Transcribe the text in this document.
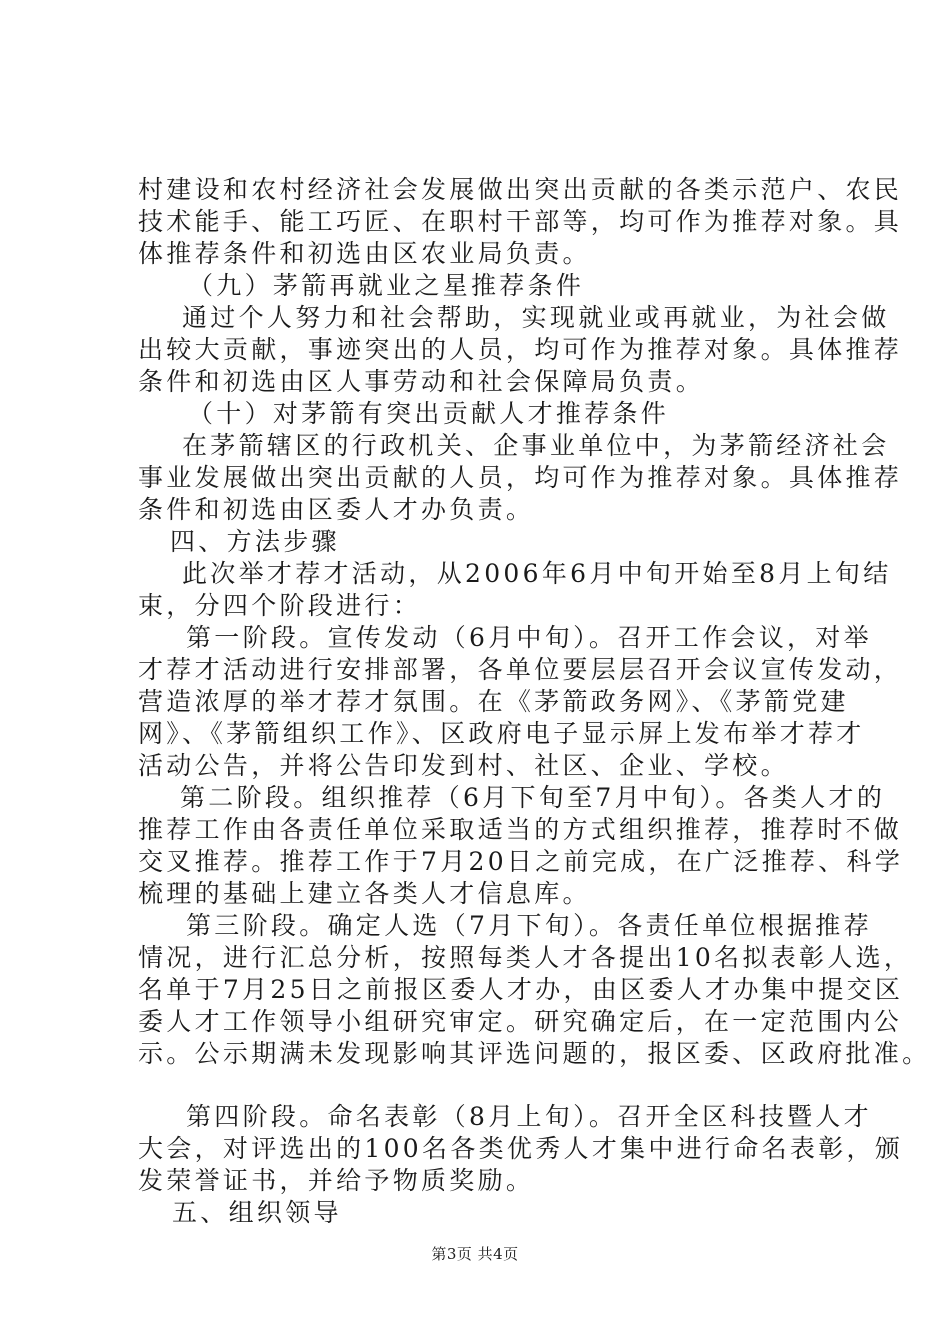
村建设和农村经济社会发展做出突出贡献的各类示范户、农民
技术能手、能工巧匠、在职村干部等，均可作为推荐对象。具
体推荐条件和初选由区农业局负责。
（九）茅箭再就业之星推荐条件
通过个人努力和社会帮助，实现就业或再就业，为社会做
出较大贡献，事迹突出的人员，均可作为推荐对象。具体推荐
条件和初选由区人事劳动和社会保障局负责。
（十）对茅箭有突出贡献人才推荐条件
在茅箭辖区的行政机关、企事业单位中，为茅箭经济社会
事业发展做出突出贡献的人员，均可作为推荐对象。具体推荐
条件和初选由区委人才办负责。
四、方法步骤
此次举才荐才活动，从2006年6月中旬开始至8月上旬结
束，分四个阶段进行：
第一阶段。宣传发动（6月中旬）。召开工作会议，对举
才荐才活动进行安排部署，各单位要层层召开会议宣传发动，
营造浓厚的举才荐才氛围。在《茅箭政务网》、《茅箭党建
网》、《茅箭组织工作》、区政府电子显示屏上发布举才荐才
活动公告，并将公告印发到村、社区、企业、学校。
第二阶段。组织推荐（6月下旬至7月中旬）。各类人才的
推荐工作由各责任单位采取适当的方式组织推荐，推荐时不做
交叉推荐。推荐工作于7月20日之前完成，在广泛推荐、科学
梳理的基础上建立各类人才信息库。
第三阶段。确定人选（7月下旬）。各责任单位根据推荐
情况，进行汇总分析，按照每类人才各提出10名拟表彰人选，
名单于7月25日之前报区委人才办，由区委人才办集中提交区
委人才工作领导小组研究审定。研究确定后，在一定范围内公
示。公示期满未发现影响其评选问题的，报区委、区政府批准。
第四阶段。命名表彰（8月上旬）。召开全区科技暨人才
大会，对评选出的100名各类优秀人才集中进行命名表彰，颁
发荣誉证书，并给予物质奖励。
五、组织领导
第3页 共4页
